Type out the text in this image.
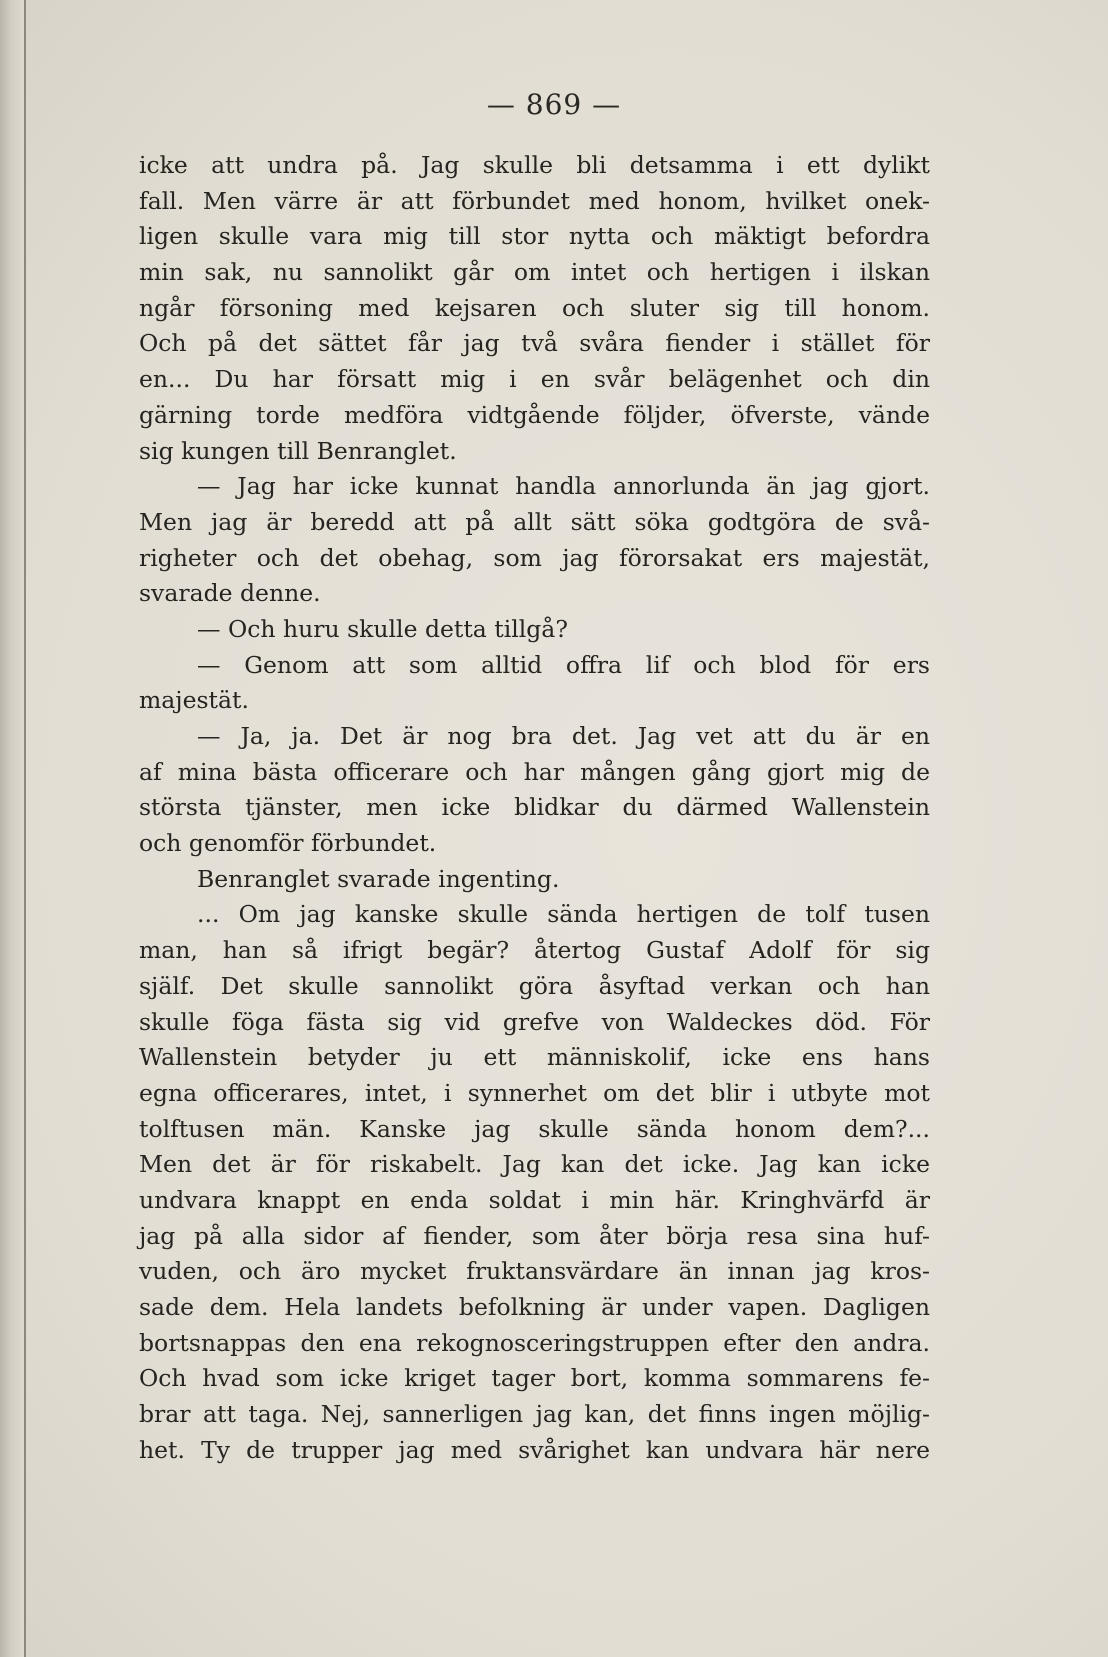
— 869 —
icke att undra på. Jag skulle bli detsamma i ett dylikt
fall. Men värre är att förbundet med honom, hvilket onek-
ligen skulle vara mig till stor nytta och mäktigt befordra
min sak, nu sannolikt går om intet och hertigen i ilskan
ngår försoning med kejsaren och sluter sig till honom.
Och på det sättet får jag två svåra fiender i stället för
en... Du har försatt mig i en svår belägenhet och din
gärning torde medföra vidtgående följder, öfverste, vände
sig kungen till Benranglet.
— Jag har icke kunnat handla annorlunda än jag gjort.
Men jag är beredd att på allt sätt söka godtgöra de svå-
righeter och det obehag, som jag förorsakat ers majestät,
svarade denne.
— Och huru skulle detta tillgå?
— Genom att som alltid offra lif och blod för ers
majestät.
— Ja, ja. Det är nog bra det. Jag vet att du är en
af mina bästa officerare och har mången gång gjort mig de
största tjänster, men icke blidkar du därmed Wallenstein
och genomför förbundet.
Benranglet svarade ingenting.
... Om jag kanske skulle sända hertigen de tolf tusen
man, han så ifrigt begär? återtog Gustaf Adolf för sig
själf. Det skulle sannolikt göra åsyftad verkan och han
skulle föga fästa sig vid grefve von Waldeckes död. För
Wallenstein betyder ju ett människolif, icke ens hans
egna officerares, intet, i synnerhet om det blir i utbyte mot
tolftusen män. Kanske jag skulle sända honom dem?...
Men det är för riskabelt. Jag kan det icke. Jag kan icke
undvara knappt en enda soldat i min här. Kringhvärfd är
jag på alla sidor af fiender, som åter börja resa sina huf-
vuden, och äro mycket fruktansvärdare än innan jag kros-
sade dem. Hela landets befolkning är under vapen. Dagligen
bortsnappas den ena rekognosceringstruppen efter den andra.
Och hvad som icke kriget tager bort, komma sommarens fe-
brar att taga. Nej, sannerligen jag kan, det finns ingen möjlig-
het. Ty de trupper jag med svårighet kan undvara här nere
